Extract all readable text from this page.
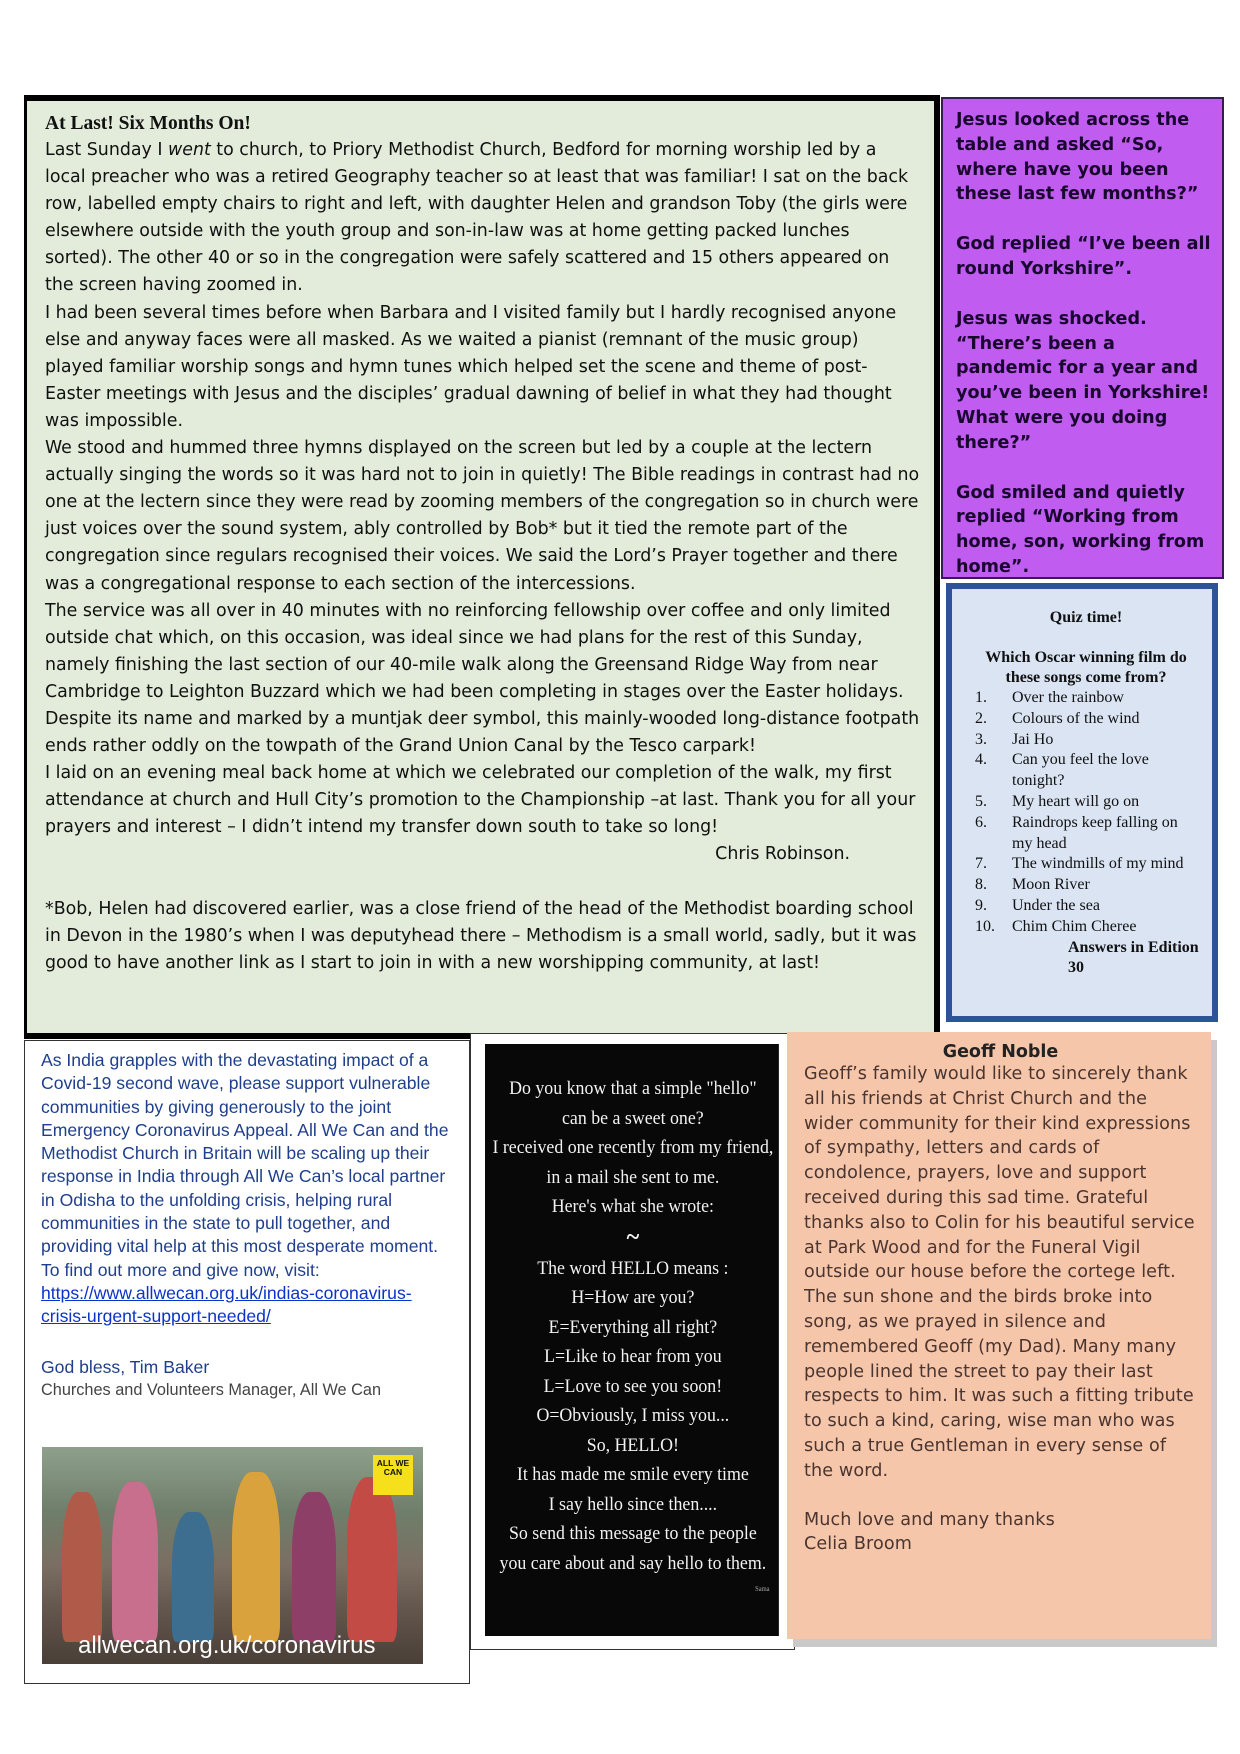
At Last! Six Months On!

Last Sunday I went to church, to Priory Methodist Church, Bedford for morning worship led by a local preacher who was a retired Geography teacher so at least that was familiar! I sat on the back row, labelled empty chairs to right and left, with daughter Helen and grandson Toby (the girls were elsewhere outside with the youth group and son-in-law was at home getting packed lunches sorted). The other 40 or so in the congregation were safely scattered and 15 others appeared on the screen having zoomed in.

I had been several times before when Barbara and I visited family but I hardly recognised anyone else and anyway faces were all masked. As we waited a pianist (remnant of the music group) played familiar worship songs and hymn tunes which helped set the scene and theme of post-Easter meetings with Jesus and the disciples’ gradual dawning of belief in what they had thought was impossible.

We stood and hummed three hymns displayed on the screen but led by a couple at the lectern actually singing the words so it was hard not to join in quietly! The Bible readings in contrast had no one at the lectern since they were read by zooming members of the congregation so in church were just voices over the sound system, ably controlled by Bob* but it tied the remote part of the congregation since regulars recognised their voices. We said the Lord’s Prayer together and there was a congregational response to each section of the intercessions.

The service was all over in 40 minutes with no reinforcing fellowship over coffee and only limited outside chat which, on this occasion, was ideal since we had plans for the rest of this Sunday, namely finishing the last section of our 40-mile walk along the Greensand Ridge Way from near Cambridge to Leighton Buzzard which we had been completing in stages over the Easter holidays. Despite its name and marked by a muntjak deer symbol, this mainly-wooded long-distance footpath ends rather oddly on the towpath of the Grand Union Canal by the Tesco carpark!

I laid on an evening meal back home at which we celebrated our completion of the walk, my first attendance at church and Hull City’s promotion to the Championship –at last. Thank you for all your prayers and interest – I didn’t intend my transfer down south to take so long!

Chris Robinson.

*Bob, Helen had discovered earlier, was a close friend of the head of the Methodist boarding school in Devon in the 1980’s when I was deputyhead there – Methodism is a small world, sadly, but it was good to have another link as I start to join in with a new worshipping community, at last!

Jesus looked across the table and asked “So, where have you been these last few months?”

God replied “I’ve been all round Yorkshire”.

Jesus was shocked. “There’s been a pandemic for a year and you’ve been in Yorkshire! What were you doing there?”

God smiled and quietly replied “Working from home, son, working from home”.

Quiz time!
Which Oscar winning film do these songs come from?
1.	Over the rainbow
2.	Colours of the wind
3.	Jai Ho
4.	Can you feel the love tonight?
5.	My heart will go on
6.	Raindrops keep falling on my head
7.	The windmills of my mind
8.	Moon River
9.	Under the sea
10.	Chim Chim Cheree
Answers in Edition 30

As India grapples with the devastating impact of a Covid-19 second wave, please support vulnerable communities by giving generously to the joint Emergency Coronavirus Appeal. All We Can and the Methodist Church in Britain will be scaling up their response in India through All We Can’s local partner in Odisha to the unfolding crisis, helping rural communities in the state to pull together, and providing vital help at this most desperate moment. To find out more and give now, visit: https://www.allwecan.org.uk/indias-coronavirus-crisis-urgent-support-needed/

God bless, Tim Baker

Churches and Volunteers Manager, All We Can

ALL WE CAN
allwecan.org.uk/coronavirus
Do you know that a simple "hello"
can be a sweet one?
I received one recently from my friend,
in a mail she sent to me.
Here's what she wrote:
~
The word HELLO means :
H=How are you?
E=Everything all right?
L=Like to hear from you
L=Love to see you soon!
O=Obviously, I miss you...
So, HELLO!
It has made me smile every time
I say hello since then....
So send this message to the people
you care about and say hello to them.
Sama
Geoff Noble

Geoff’s family would like to sincerely thank all his friends at Christ Church and the wider community for their kind expressions of sympathy, letters and cards of condolence, prayers, love and support received during this sad time. Grateful thanks also to Colin for his beautiful service at Park Wood and for the Funeral Vigil outside our house before the cortege left. The sun shone and the birds broke into song, as we prayed in silence and remembered Geoff (my Dad). Many many people lined the street to pay their last respects to him. It was such a fitting tribute to such a kind, caring, wise man who was such a true Gentleman in every sense of the word.

Much love and many thanks

Celia Broom
